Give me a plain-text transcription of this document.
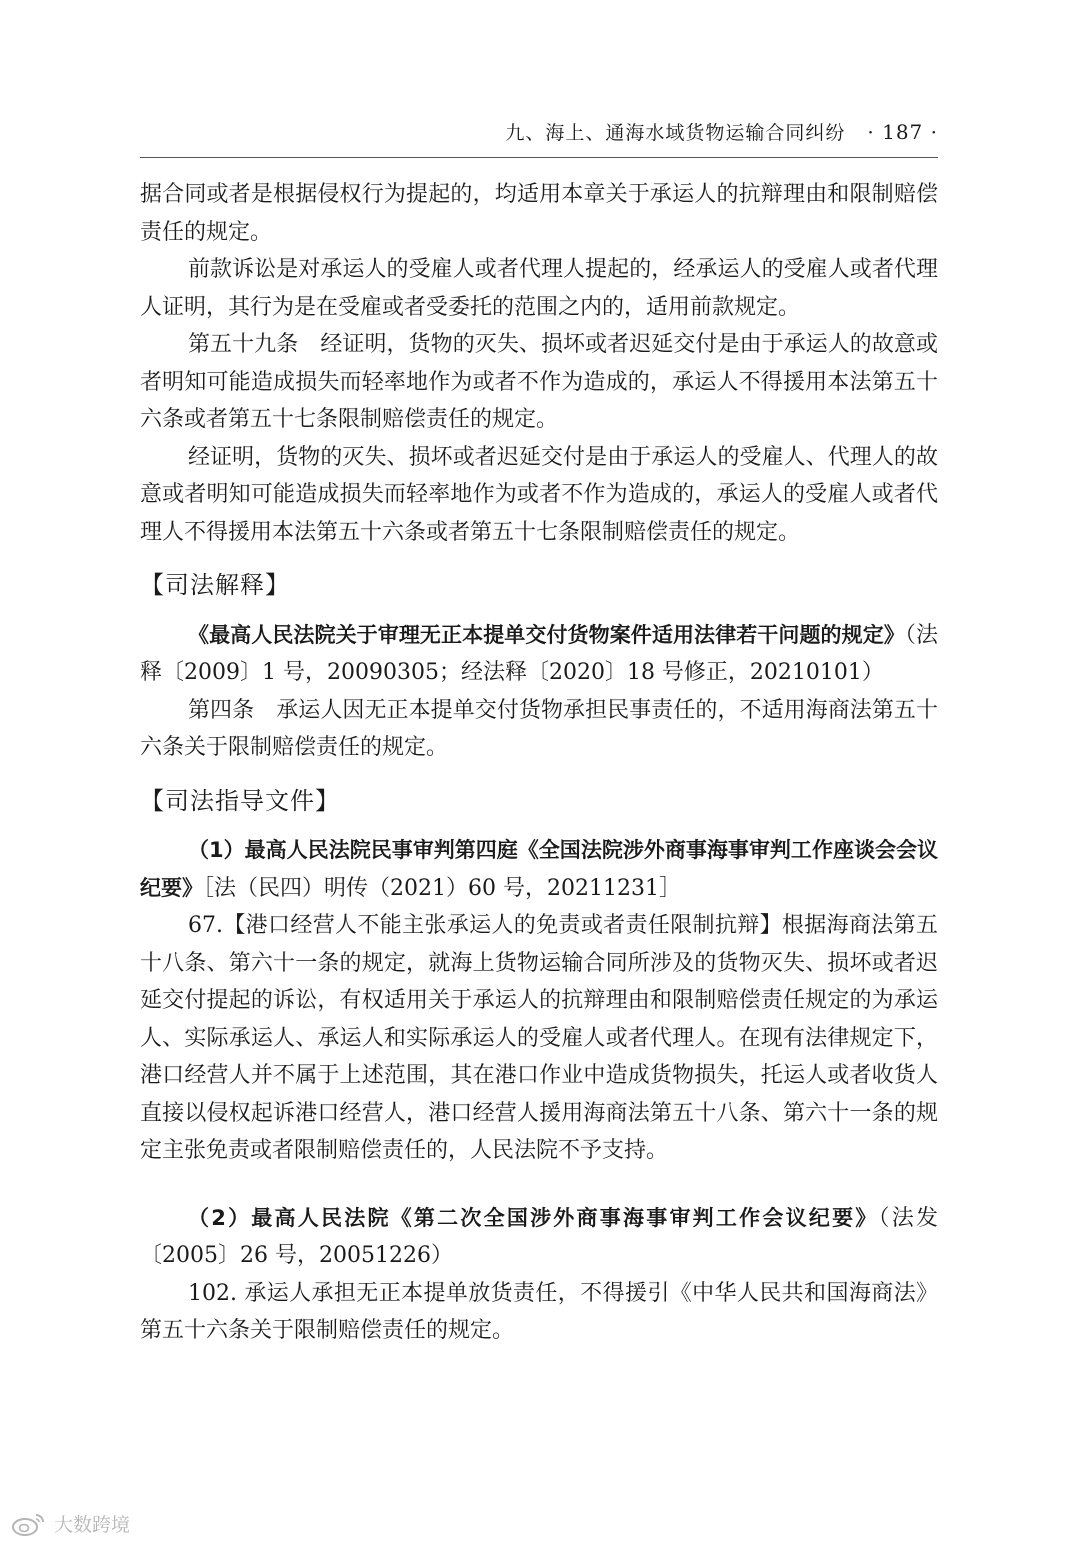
九、海上、通海水域货物运输合同纠纷 · 187 ·

据合同或者是根据侵权行为提起的，均适用本章关于承运人的抗辩理由和限制赔偿责任的规定。

前款诉讼是对承运人的受雇人或者代理人提起的，经承运人的受雇人或者代理人证明，其行为是在受雇或者受委托的范围之内的，适用前款规定。

第五十九条　经证明，货物的灭失、损坏或者迟延交付是由于承运人的故意或者明知可能造成损失而轻率地作为或者不作为造成的，承运人不得援用本法第五十六条或者第五十七条限制赔偿责任的规定。

经证明，货物的灭失、损坏或者迟延交付是由于承运人的受雇人、代理人的故意或者明知可能造成损失而轻率地作为或者不作为造成的，承运人的受雇人或者代理人不得援用本法第五十六条或者第五十七条限制赔偿责任的规定。

【司法解释】

《最高人民法院关于审理无正本提单交付货物案件适用法律若干问题的规定》（法释〔2009〕1 号，20090305；经法释〔2020〕18 号修正，20210101）

第四条　承运人因无正本提单交付货物承担民事责任的，不适用海商法第五十六条关于限制赔偿责任的规定。

【司法指导文件】

（1）最高人民法院民事审判第四庭《全国法院涉外商事海事审判工作座谈会会议纪要》［法（民四）明传（2021）60 号，20211231］

67.【港口经营人不能主张承运人的免责或者责任限制抗辩】根据海商法第五十八条、第六十一条的规定，就海上货物运输合同所涉及的货物灭失、损坏或者迟延交付提起的诉讼，有权适用关于承运人的抗辩理由和限制赔偿责任规定的为承运人、实际承运人、承运人和实际承运人的受雇人或者代理人。在现有法律规定下，港口经营人并不属于上述范围，其在港口作业中造成货物损失，托运人或者收货人直接以侵权起诉港口经营人，港口经营人援用海商法第五十八条、第六十一条的规定主张免责或者限制赔偿责任的，人民法院不予支持。

（2）最高人民法院《第二次全国涉外商事海事审判工作会议纪要》（法发〔2005〕26 号，20051226）

102. 承运人承担无正本提单放货责任，不得援引《中华人民共和国海商法》第五十六条关于限制赔偿责任的规定。

大数跨境
